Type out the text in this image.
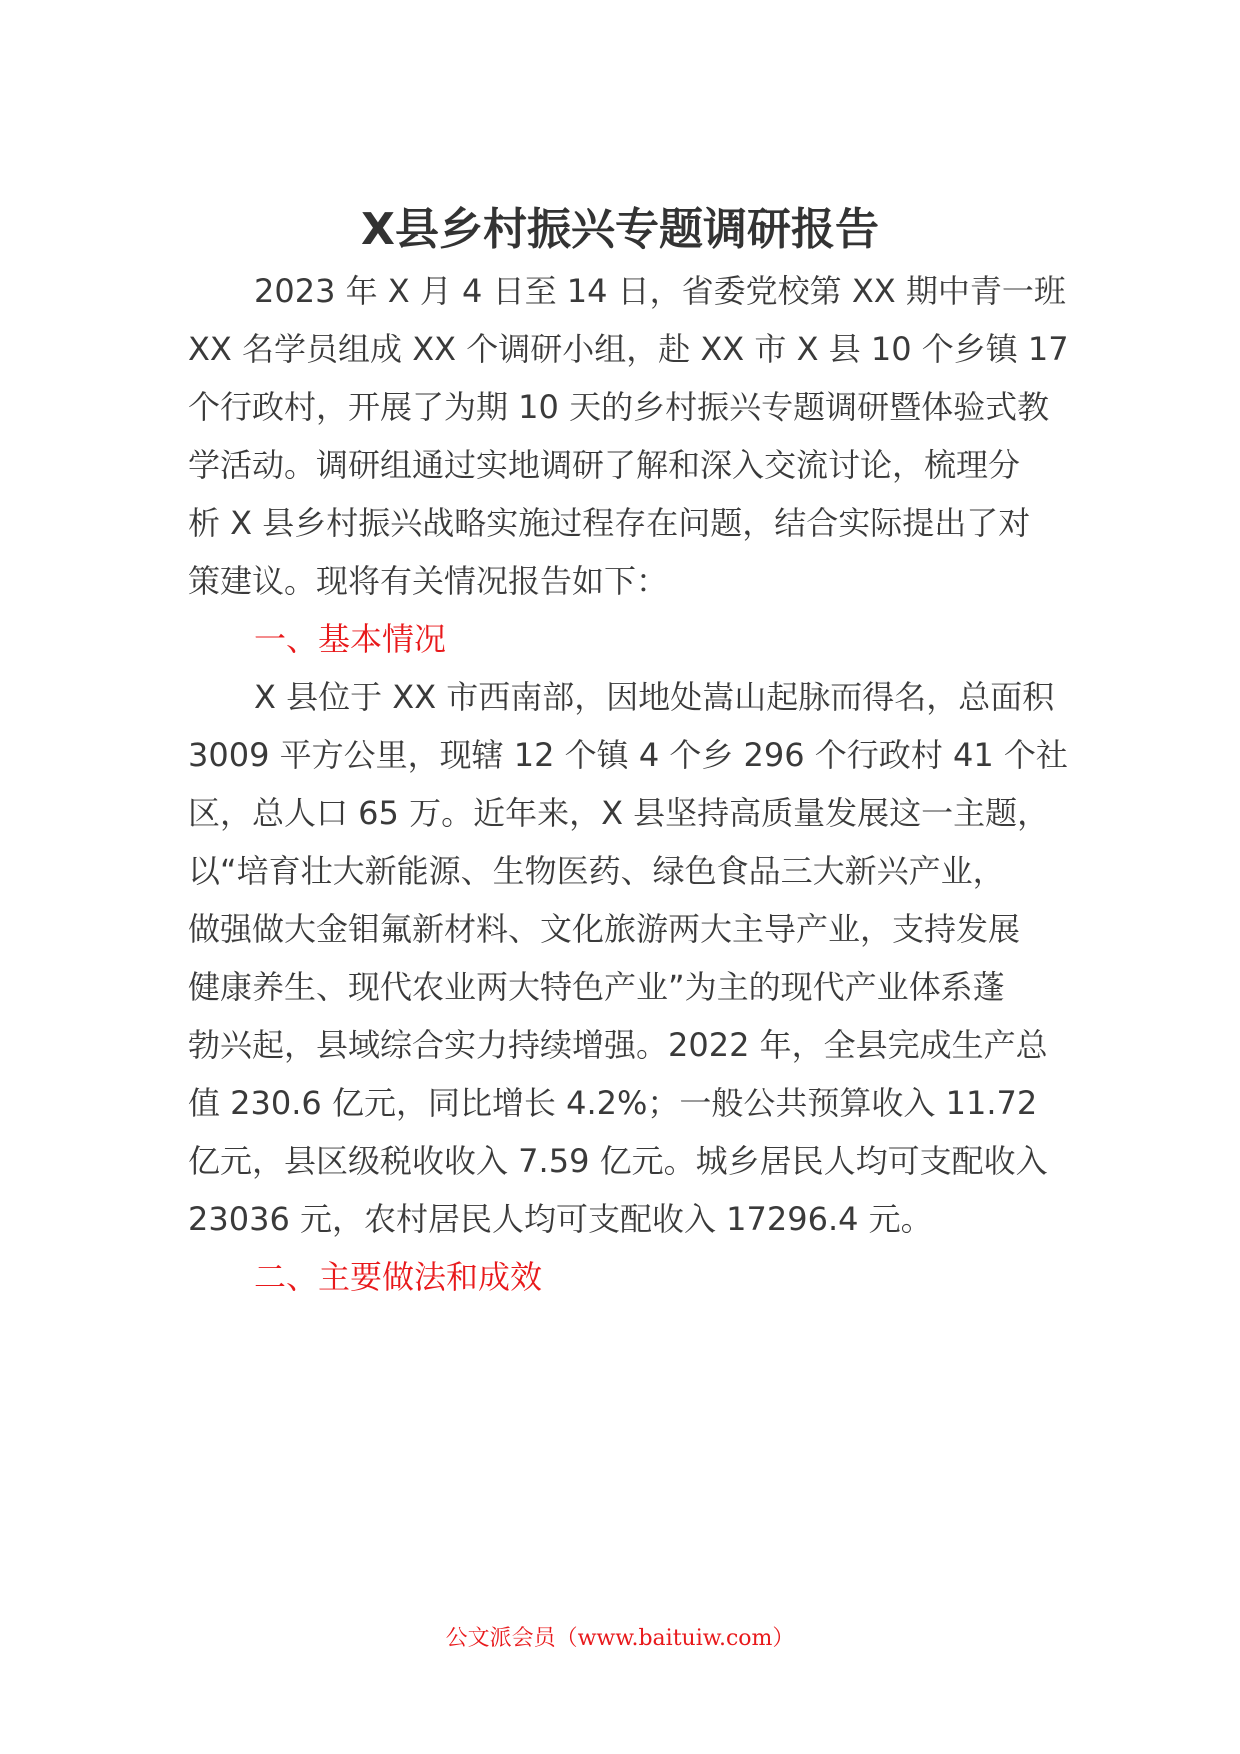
X县乡村振兴专题调研报告
2023 年 X 月 4 日至 14 日，省委党校第 XX 期中青一班
XX 名学员组成 XX 个调研小组，赴 XX 市 X 县 10 个乡镇 17
个行政村，开展了为期 10 天的乡村振兴专题调研暨体验式教
学活动。调研组通过实地调研了解和深入交流讨论，梳理分
析 X 县乡村振兴战略实施过程存在问题，结合实际提出了对
策建议。现将有关情况报告如下：
一、基本情况
X 县位于 XX 市西南部，因地处嵩山起脉而得名，总面积
3009 平方公里，现辖 12 个镇 4 个乡 296 个行政村 41 个社
区，总人口 65 万。近年来，X 县坚持高质量发展这一主题，
以“培育壮大新能源、生物医药、绿色食品三大新兴产业，
做强做大金钼氟新材料、文化旅游两大主导产业，支持发展
健康养生、现代农业两大特色产业”为主的现代产业体系蓬
勃兴起，县域综合实力持续增强。2022 年，全县完成生产总
值 230.6 亿元，同比增长 4.2%；一般公共预算收入 11.72
亿元，县区级税收收入 7.59 亿元。城乡居民人均可支配收入
23036 元，农村居民人均可支配收入 17296.4 元。
二、主要做法和成效
公文派会员（www.baituiw.com）
